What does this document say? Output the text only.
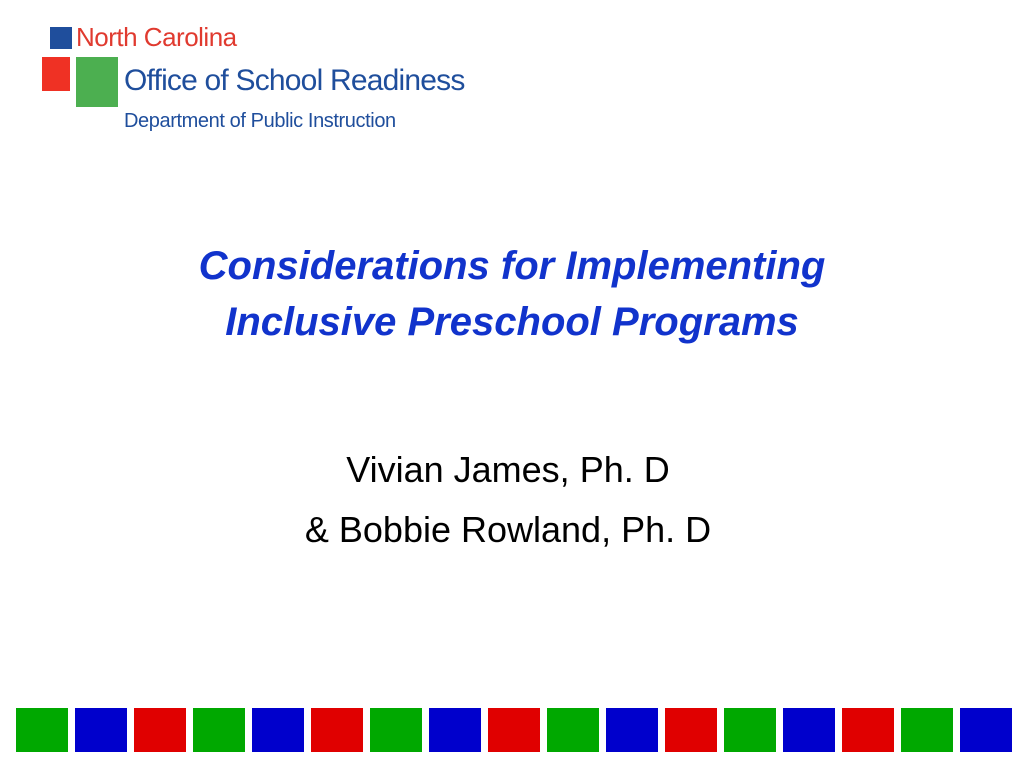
North Carolina
Office of School Readiness
Department of Public Instruction
Considerations for Implementing
Inclusive Preschool Programs
Vivian James, Ph. D
& Bobbie Rowland, Ph. D
